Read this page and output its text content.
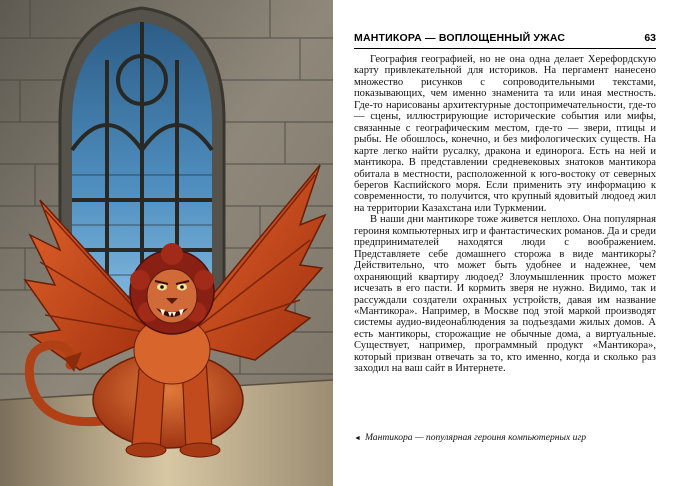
МАНТИКОРА — ВОПЛОЩЕННЫЙ УЖАС	63

География географией, но не она одна делает Херефордскую карту привлекательной для историков. На пергамент нанесено множество рисунков с сопроводительными текстами, показывающих, чем именно знаменита та или иная местность. Где-то нарисованы архитектурные достопримечательности, где-то — сцены, иллюстрирующие исторические события или мифы, связанные с географическим местом, где-то — звери, птицы и рыбы. Не обошлось, конечно, и без мифологических существ. На карте легко найти русалку, дракона и единорога. Есть на ней и мантикора. В представлении средневековых знатоков мантикора обитала в местности, расположенной к юго-востоку от северных берегов Каспийского моря. Если применить эту информацию к современности, то получится, что крупный ядовитый людоед жил на территории Казахстана или Туркмении.

В наши дни мантикоре тоже живется неплохо. Она популярная героиня компьютерных игр и фантастических романов. Да и среди предпринимателей находятся люди с воображением. Представляете себе домашнего сторожа в виде мантикоры? Действительно, что может быть удобнее и надежнее, чем охраняющий квартиру людоед? Злоумышленник просто может исчезать в его пасти. И кормить зверя не нужно. Видимо, так и рассуждали создатели охранных устройств, давая им название «Мантикора». Например, в Москве под этой маркой производят системы аудио-видеонаблюдения за подъездами жилых домов. А есть мантикоры, сторожащие не обычные дома, а виртуальные. Существует, например, программный продукт «Мантикора», который призван отвечать за то, кто именно, когда и сколько раз заходил на ваш сайт в Интернете.

◄ Мантикора — популярная героиня компьютерных игр
